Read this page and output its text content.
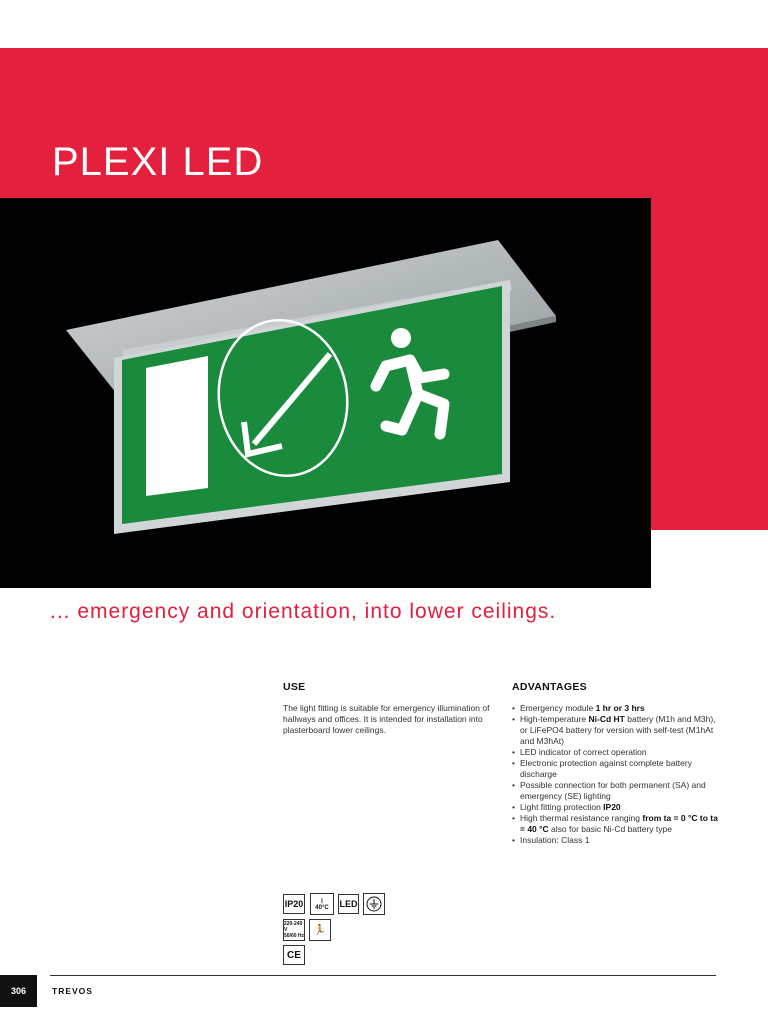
PLEXI LED
... emergency and orientation, into lower ceilings.
USE
The light fitting is suitable for emergency illumination of hallways and offices. It is intended for installation into plasterboard lower ceilings.
ADVANTAGES
• Emergency module 1 hr or 3 hrs
• High-temperature Ni-Cd HT battery (M1h and M3h), or LiFePO4 battery for version with self-test (M1hAt and M3hAt)
• LED indicator of correct operation
• Electronic protection against complete battery discharge
• Possible connection for both permanent (SA) and emergency (SE) lighting
• Light fitting protection IP20
• High thermal resistance ranging from ta = 0 °C to ta = 40 °C also for basic Ni-Cd battery type
• Insulation: Class 1
IP20	⌇
40°C LED
220-240 V
50/60 Hz
🏃
CE
306	TREVOS
